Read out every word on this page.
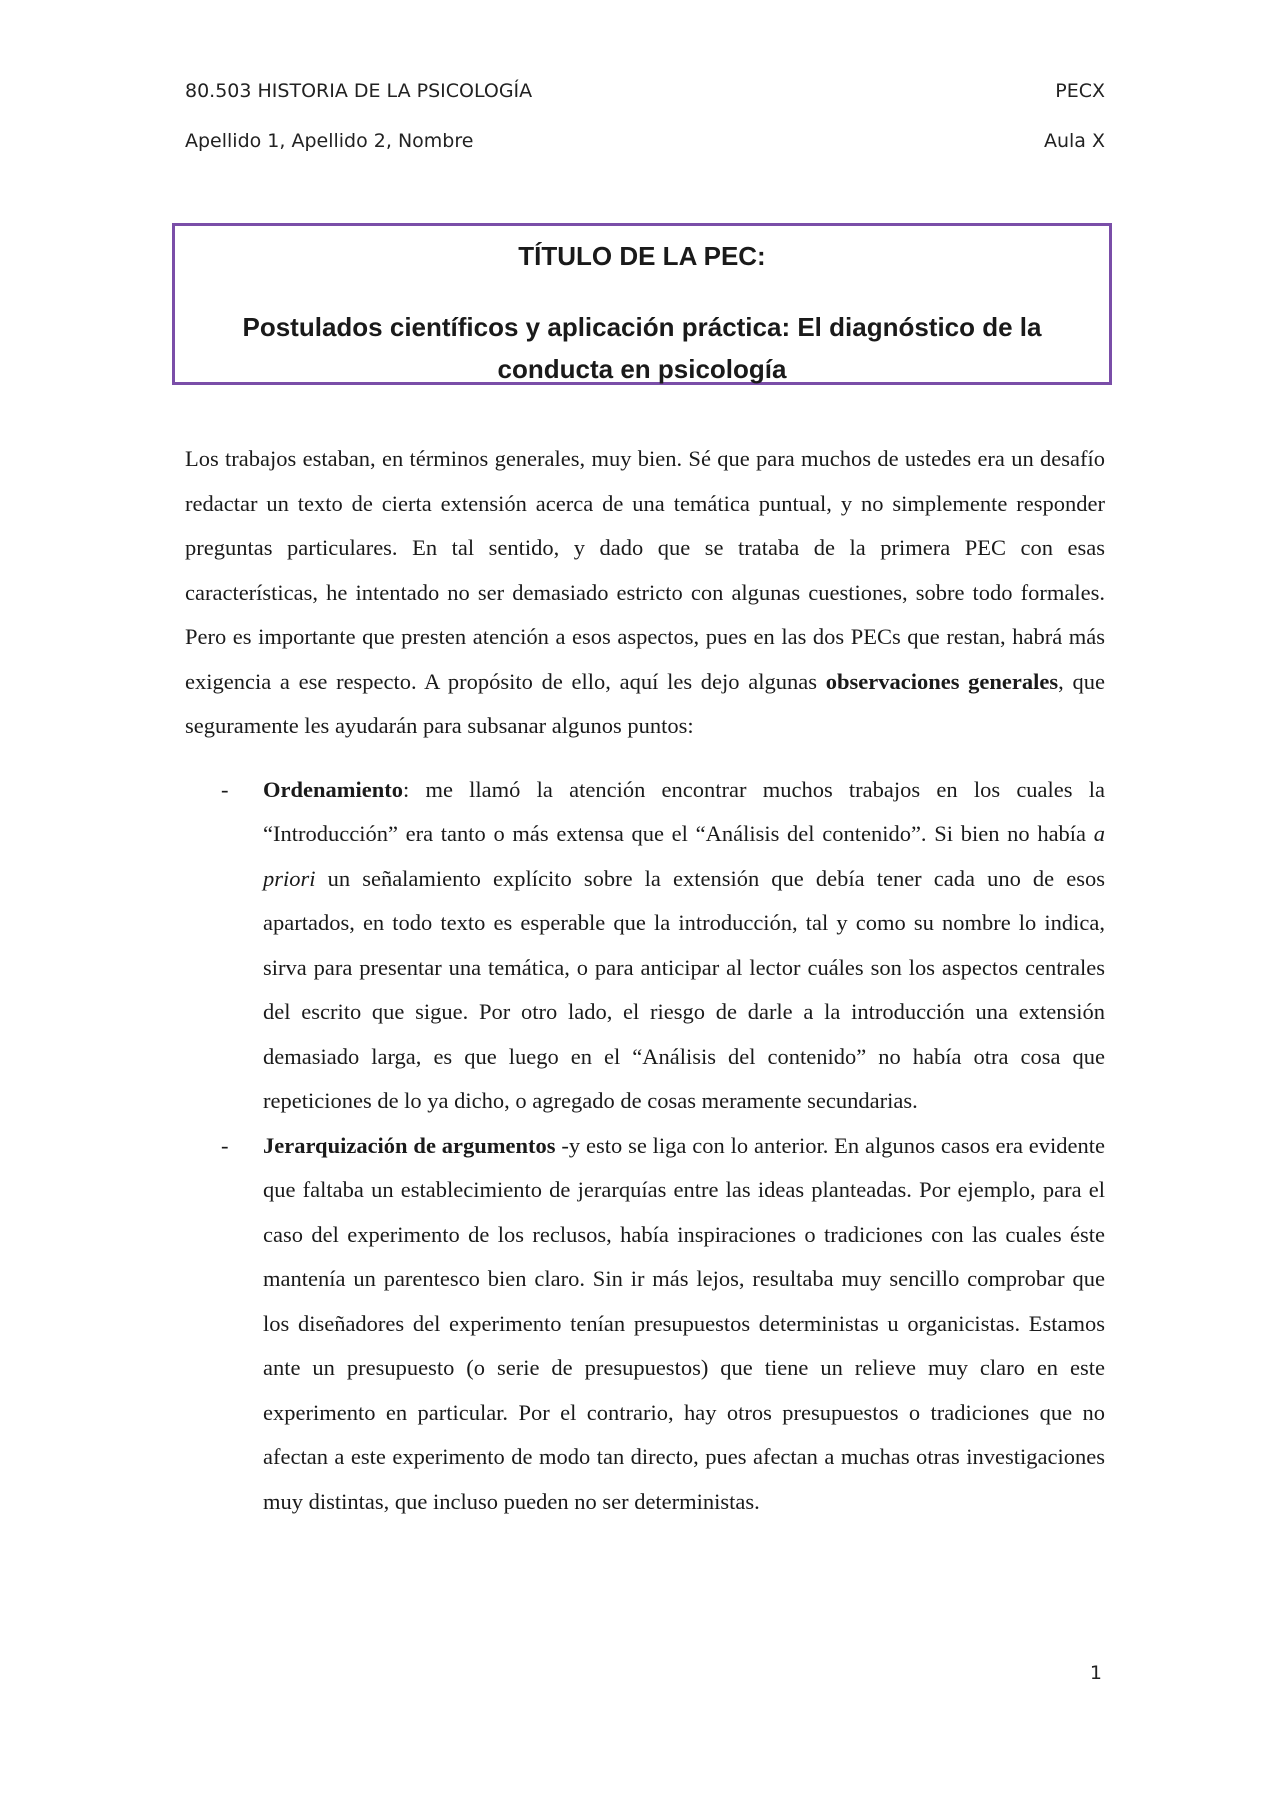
80.503 HISTORIA DE LA PSICOLOGÍA	PECX
Apellido 1, Apellido 2, Nombre	Aula X
TÍTULO DE LA PEC:
Postulados científicos y aplicación práctica: El diagnóstico de la conducta en psicología

Los trabajos estaban, en términos generales, muy bien. Sé que para muchos de ustedes era un desafío redactar un texto de cierta extensión acerca de una temática puntual, y no simplemente responder preguntas particulares. En tal sentido, y dado que se trataba de la primera PEC con esas características, he intentado no ser demasiado estricto con algunas cuestiones, sobre todo formales. Pero es importante que presten atención a esos aspectos, pues en las dos PECs que restan, habrá más exigencia a ese respecto. A propósito de ello, aquí les dejo algunas observaciones generales, que seguramente les ayudarán para subsanar algunos puntos:

- Ordenamiento: me llamó la atención encontrar muchos trabajos en los cuales la “Introducción” era tanto o más extensa que el “Análisis del contenido”. Si bien no había a priori un señalamiento explícito sobre la extensión que debía tener cada uno de esos apartados, en todo texto es esperable que la introducción, tal y como su nombre lo indica, sirva para presentar una temática, o para anticipar al lector cuáles son los aspectos centrales del escrito que sigue. Por otro lado, el riesgo de darle a la introducción una extensión demasiado larga, es que luego en el “Análisis del contenido” no había otra cosa que repeticiones de lo ya dicho, o agregado de cosas meramente secundarias.
- Jerarquización de argumentos -y esto se liga con lo anterior. En algunos casos era evidente que faltaba un establecimiento de jerarquías entre las ideas planteadas. Por ejemplo, para el caso del experimento de los reclusos, había inspiraciones o tradiciones con las cuales éste mantenía un parentesco bien claro. Sin ir más lejos, resultaba muy sencillo comprobar que los diseñadores del experimento tenían presupuestos deterministas u organicistas. Estamos ante un presupuesto (o serie de presupuestos) que tiene un relieve muy claro en este experimento en particular. Por el contrario, hay otros presupuestos o tradiciones que no afectan a este experimento de modo tan directo, pues afectan a muchas otras investigaciones muy distintas, que incluso pueden no ser deterministas.
1
